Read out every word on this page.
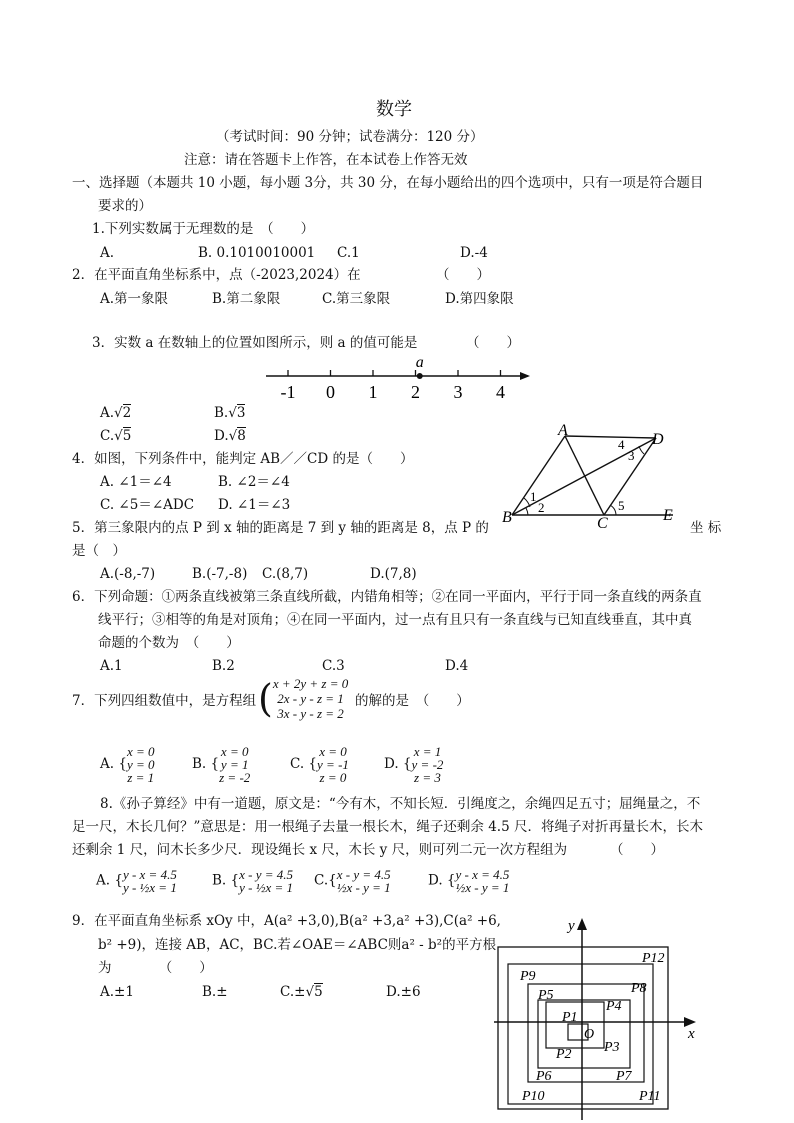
数学
（考试时间：90 分钟；试卷满分：120 分）
注意：请在答题卡上作答，在本试卷上作答无效
一、选择题（本题共 10 小题，每小题 3分，共 30 分，在每小题给出的四个选项中，只有一项是符合题目
要求的）
1.下列实数属于无理数的是　（　　）
A.	B. 0.1010010001 C.1	D.-4
2．在平面直角坐标系中，点（-2023,2024）在	（　　）
A.第一象限	B.第二象限	C.第三象限	D.第四象限
3．实数 a 在数轴上的位置如图所示，则 a 的值可能是	（　　）
-1 0 1 2 3 4
a
A.√2	B.√3
C.√5	D.√8	A
D
B	C	E
1
2
3
4
5
4．如图，下列条件中，能判定 AB／／CD 的是（　　）
A. ∠1＝∠4	B. ∠2＝∠4
C. ∠5＝∠ADC D. ∠1＝∠3
5．第三象限内的点 P 到 x 轴的距离是 7 到 y 轴的距离是 8，点 P 的	坐 标
是（　）
A.(-8,-7)	B.(-7,-8) C.(8,7)	D.(7,8)
6．下列命题：①两条直线被第三条直线所截，内错角相等；②在同一平面内，平行于同一条直线的两条直
线平行；③相等的角是对顶角；④在同一平面内，过一点有且只有一条直线与已知直线垂直，其中真
命题的个数为　（　　）
A.1	B.2	C.3	D.4
7．下列四组数值中，是方程组 ( x + 2y + z = 0
2x - y - z = 1
3x - y - z = 2
的解的是　（　　）
A. {
x = 0
y = 0
z = 1
B. {
x = 0
y = 1
z = -2
C. {
x = 0
y = -1
z = 0
D. {
x = 1
y = -2
z = 3
8.《孙子算经》中有一道题，原文是：“今有木，不知长短．引绳度之，余绳四足五寸；屈绳量之，不
足一尺，木长几何？”意思是：用一根绳子去量一根长木，绳子还剩余 4.5 尺．将绳子对折再量长木，长木
还剩余 1 尺，问木长多少尺．现设绳长 x 尺，木长 y 尺，则可列二元一次方程组为	（　　）
A. { y - x = 4.5
y - ½x = 1	B. { x - y = 4.5
y - ½x = 1 C.{ x - y = 4.5
½x - y = 1	D. { y - x = 4.5
½x - y = 1
9．在平面直角坐标系 xOy 中，A(a² +3,0),B(a² +3,a² +3),C(a² +6,
b² +9)，连接 AB，AC，BC.若∠OAE＝∠ABC则a² - b²的平方根
为　　　　（　　）
A.±1	B.±	C.±√5	D.±6
x
y
O
P1
P2 P3
P4
P5
P6	P7
P8
P9
P10	P11
P12
